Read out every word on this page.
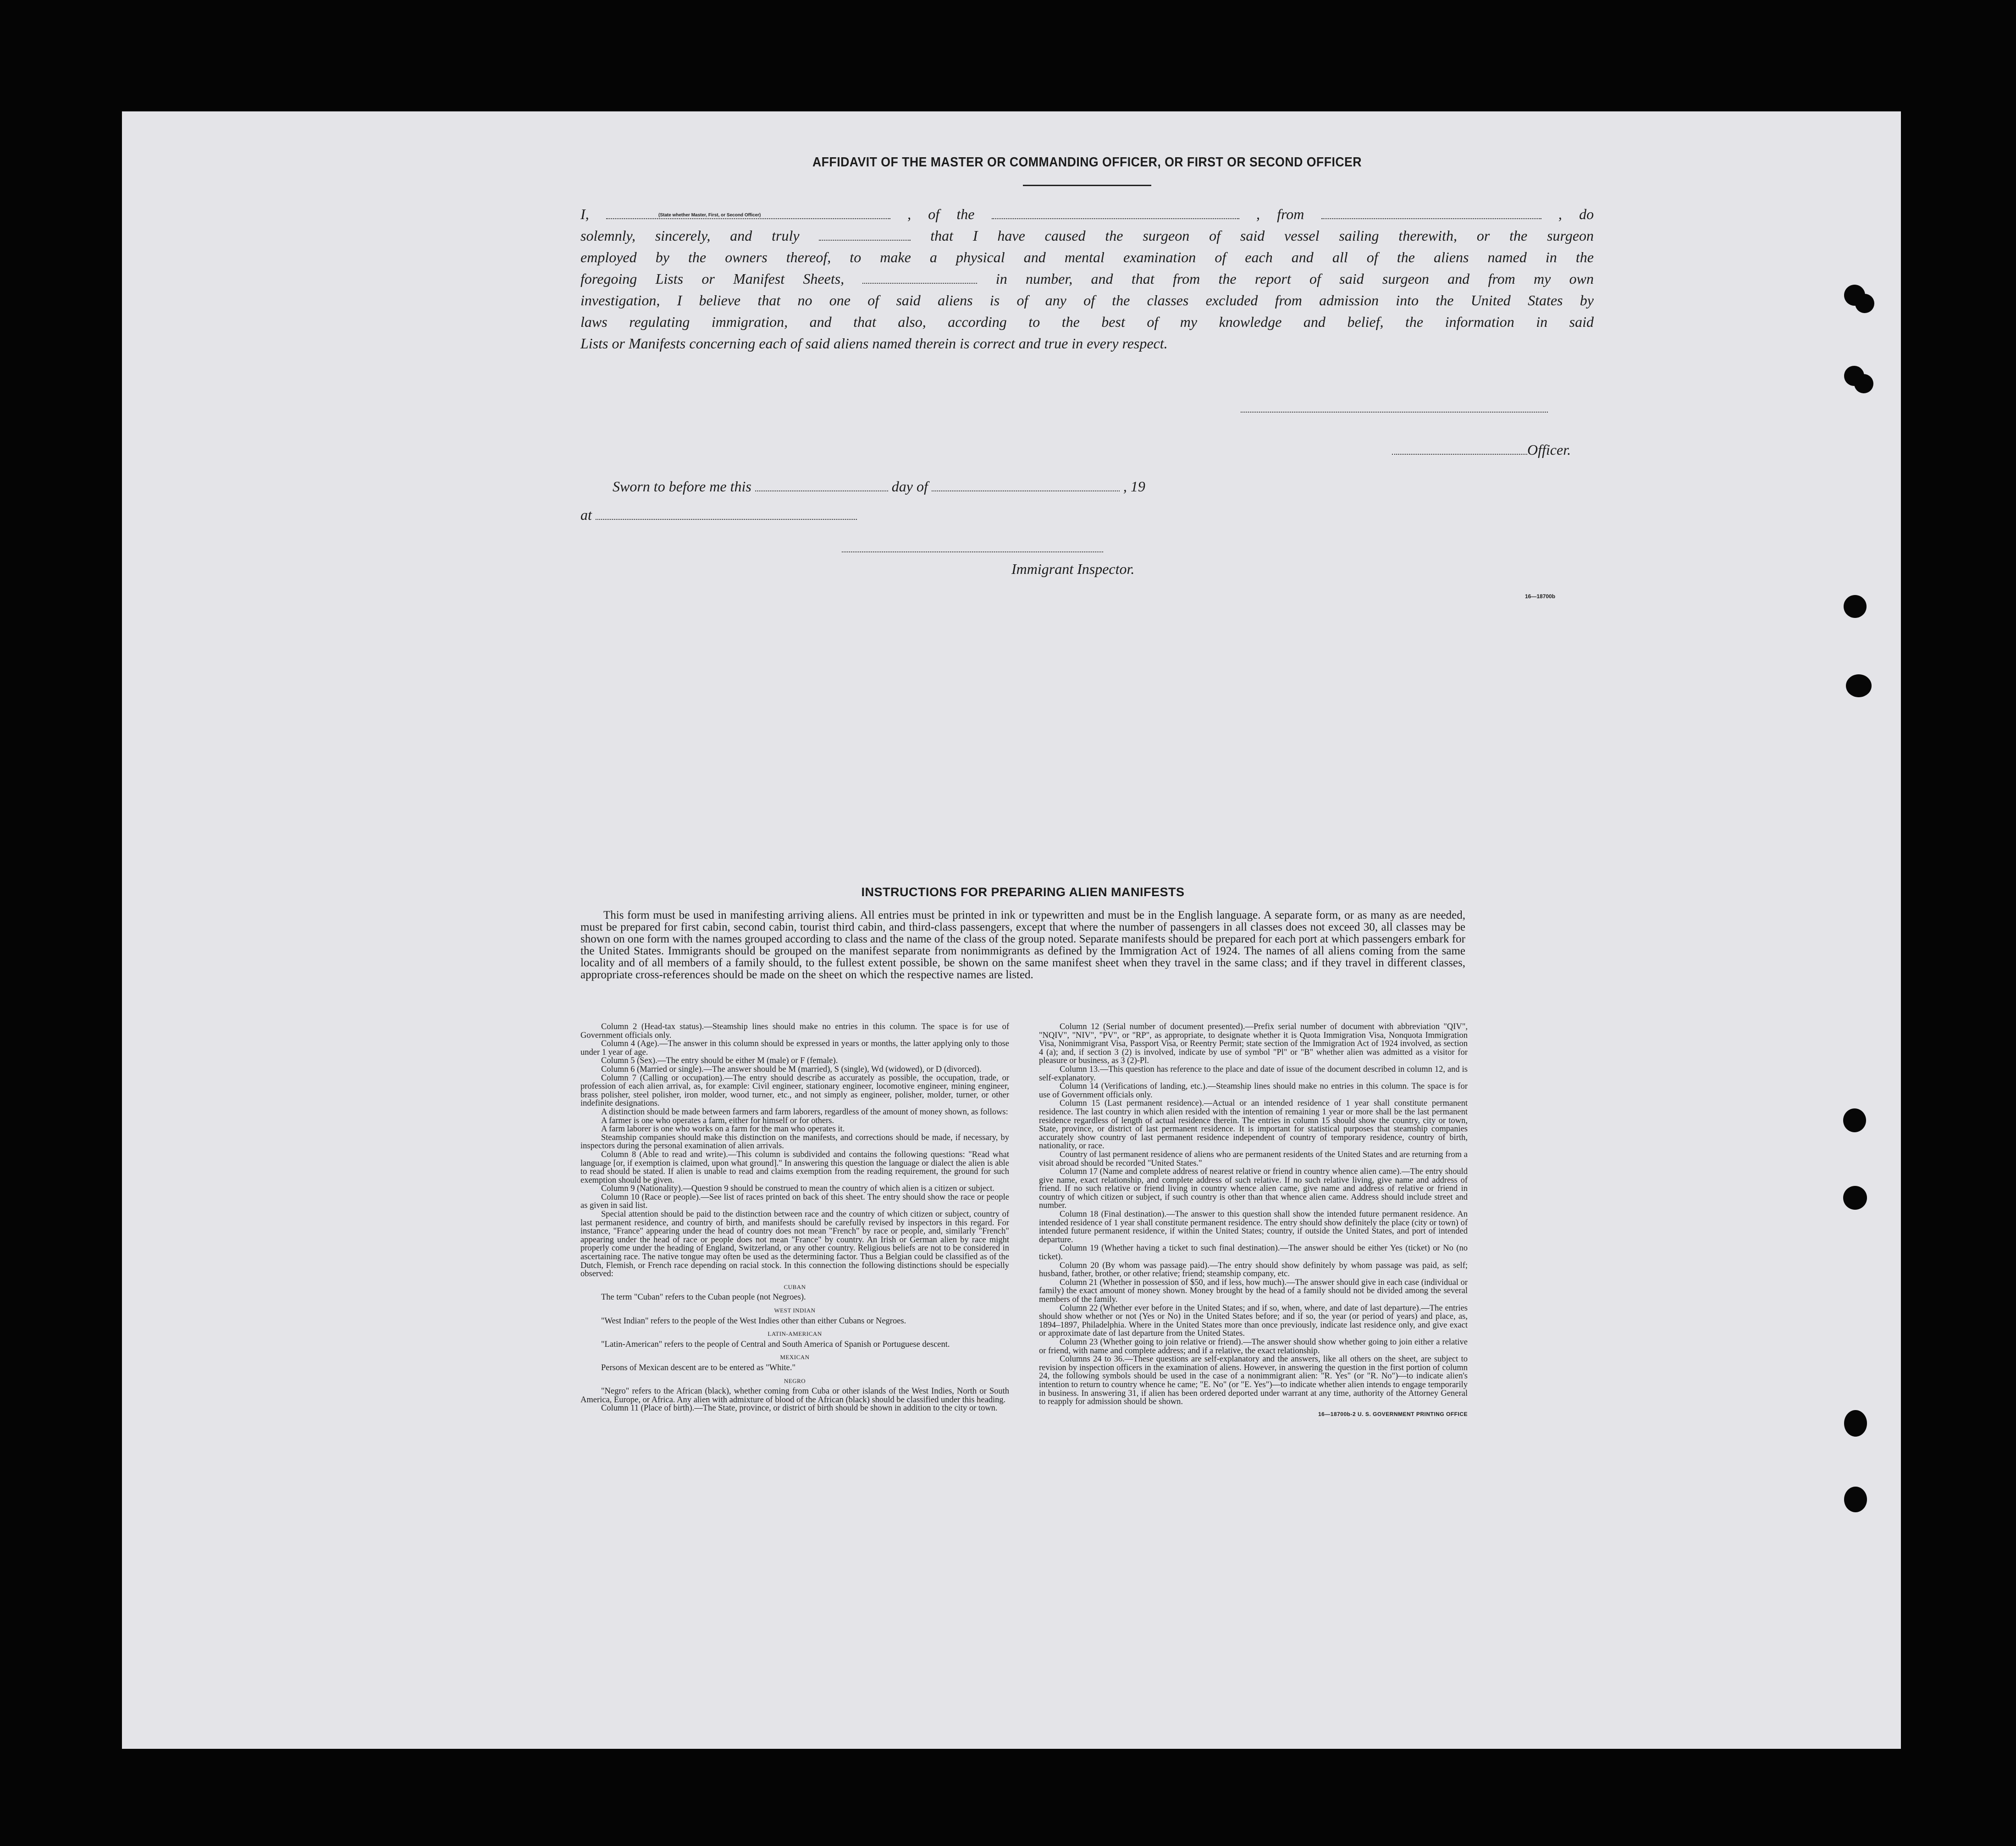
AFFIDAVIT OF THE MASTER OR COMMANDING OFFICER, OR FIRST OR SECOND OFFICER
I,	, of the	, from	, do
(State whether Master, First, or Second Officer)
solemnly, sincerely, and truly	that I have caused the surgeon of said vessel sailing therewith, or the surgeon
employed by the owners thereof, to make a physical and mental examination of each and all of the aliens named in the
foregoing Lists or Manifest Sheets,	in number, and that from the report of said surgeon and from my own
investigation, I believe that no one of said aliens is of any of the classes excluded from admission into the United States by
laws regulating immigration, and that also, according to the best of my knowledge and belief, the information in said
Lists or Manifests concerning each of said aliens named therein is correct and true in every respect.
Officer.
Sworn to before me this	day of	, 19
at
Immigrant Inspector.
16—18700b
INSTRUCTIONS FOR PREPARING ALIEN MANIFESTS

This form must be used in manifesting arriving aliens. All entries must be printed in ink or typewritten and must be in the English language. A separate form, or as many as are needed, must be prepared for first cabin, second cabin, tourist third cabin, and third-class passengers, except that where the number of passengers in all classes does not exceed 30, all classes may be shown on one form with the names grouped according to class and the name of the class of the group noted. Separate manifests should be prepared for each port at which passengers embark for the United States. Immigrants should be grouped on the manifest separate from nonimmigrants as defined by the Immigration Act of 1924. The names of all aliens coming from the same locality and of all members of a family should, to the fullest extent possible, be shown on the same manifest sheet when they travel in the same class; and if they travel in different classes, appropriate cross-references should be made on the sheet on which the respective names are listed.

Column 2 (Head-tax status).—Steamship lines should make no entries in this column. The space is for use of Government officials only.

Column 4 (Age).—The answer in this column should be expressed in years or months, the latter applying only to those under 1 year of age.

Column 5 (Sex).—The entry should be either M (male) or F (female).

Column 6 (Married or single).—The answer should be M (married), S (single), Wd (widowed), or D (divorced).

Column 7 (Calling or occupation).—The entry should describe as accurately as possible, the occupation, trade, or profession of each alien arrival, as, for example: Civil engineer, stationary engineer, locomotive engineer, mining engineer, brass polisher, steel polisher, iron molder, wood turner, etc., and not simply as engineer, polisher, molder, turner, or other indefinite designations.

A distinction should be made between farmers and farm laborers, regardless of the amount of money shown, as follows:

A farmer is one who operates a farm, either for himself or for others.

A farm laborer is one who works on a farm for the man who operates it.

Steamship companies should make this distinction on the manifests, and corrections should be made, if necessary, by inspectors during the personal examination of alien arrivals.

Column 8 (Able to read and write).—This column is subdivided and contains the following questions: "Read what language [or, if exemption is claimed, upon what ground]." In answering this question the language or dialect the alien is able to read should be stated. If alien is unable to read and claims exemption from the reading requirement, the ground for such exemption should be given.

Column 9 (Nationality).—Question 9 should be construed to mean the country of which alien is a citizen or subject.

Column 10 (Race or people).—See list of races printed on back of this sheet. The entry should show the race or people as given in said list.

Special attention should be paid to the distinction between race and the country of which citizen or subject, country of last permanent residence, and country of birth, and manifests should be carefully revised by inspectors in this regard. For instance, "France" appearing under the head of country does not mean "French" by race or people, and, similarly "French" appearing under the head of race or people does not mean "France" by country. An Irish or German alien by race might properly come under the heading of England, Switzerland, or any other country. Religious beliefs are not to be considered in ascertaining race. The native tongue may often be used as the determining factor. Thus a Belgian could be classified as of the Dutch, Flemish, or French race depending on racial stock. In this connection the following distinctions should be especially observed:

CUBAN

The term "Cuban" refers to the Cuban people (not Negroes).

WEST INDIAN

"West Indian" refers to the people of the West Indies other than either Cubans or Negroes.

LATIN-AMERICAN

"Latin-American" refers to the people of Central and South America of Spanish or Portuguese descent.

MEXICAN

Persons of Mexican descent are to be entered as "White."

NEGRO

"Negro" refers to the African (black), whether coming from Cuba or other islands of the West Indies, North or South America, Europe, or Africa. Any alien with admixture of blood of the African (black) should be classified under this heading.

Column 11 (Place of birth).—The State, province, or district of birth should be shown in addition to the city or town.

Column 12 (Serial number of document presented).—Prefix serial number of document with abbreviation "QIV", "NQIV", "NIV", "PV", or "RP", as appropriate, to designate whether it is Quota Immigration Visa, Nonquota Immigration Visa, Nonimmigrant Visa, Passport Visa, or Reentry Permit; state section of the Immigration Act of 1924 involved, as section 4 (a); and, if section 3 (2) is involved, indicate by use of symbol "Pl" or "B" whether alien was admitted as a visitor for pleasure or business, as 3 (2)-Pl.

Column 13.—This question has reference to the place and date of issue of the document described in column 12, and is self-explanatory.

Column 14 (Verifications of landing, etc.).—Steamship lines should make no entries in this column. The space is for use of Government officials only.

Column 15 (Last permanent residence).—Actual or an intended residence of 1 year shall constitute permanent residence. The last country in which alien resided with the intention of remaining 1 year or more shall be the last permanent residence regardless of length of actual residence therein. The entries in column 15 should show the country, city or town, State, province, or district of last permanent residence. It is important for statistical purposes that steamship companies accurately show country of last permanent residence independent of country of temporary residence, country of birth, nationality, or race.

Country of last permanent residence of aliens who are permanent residents of the United States and are returning from a visit abroad should be recorded "United States."

Column 17 (Name and complete address of nearest relative or friend in country whence alien came).—The entry should give name, exact relationship, and complete address of such relative. If no such relative living, give name and address of friend. If no such relative or friend living in country whence alien came, give name and address of relative or friend in country of which citizen or subject, if such country is other than that whence alien came. Address should include street and number.

Column 18 (Final destination).—The answer to this question shall show the intended future permanent residence. An intended residence of 1 year shall constitute permanent residence. The entry should show definitely the place (city or town) of intended future permanent residence, if within the United States; country, if outside the United States, and port of intended departure.

Column 19 (Whether having a ticket to such final destination).—The answer should be either Yes (ticket) or No (no ticket).

Column 20 (By whom was passage paid).—The entry should show definitely by whom passage was paid, as self; husband, father, brother, or other relative; friend; steamship company, etc.

Column 21 (Whether in possession of $50, and if less, how much).—The answer should give in each case (individual or family) the exact amount of money shown. Money brought by the head of a family should not be divided among the several members of the family.

Column 22 (Whether ever before in the United States; and if so, when, where, and date of last departure).—The entries should show whether or not (Yes or No) in the United States before; and if so, the year (or period of years) and place, as, 1894–1897, Philadelphia. Where in the United States more than once previously, indicate last residence only, and give exact or approximate date of last departure from the United States.

Column 23 (Whether going to join relative or friend).—The answer should show whether going to join either a relative or friend, with name and complete address; and if a relative, the exact relationship.

Columns 24 to 36.—These questions are self-explanatory and the answers, like all others on the sheet, are subject to revision by inspection officers in the examination of aliens. However, in answering the question in the first portion of column 24, the following symbols should be used in the case of a nonimmigrant alien: "R. Yes" (or "R. No")—to indicate alien's intention to return to country whence he came; "E. No" (or "E. Yes")—to indicate whether alien intends to engage temporarily in business. In answering 31, if alien has been ordered deported under warrant at any time, authority of the Attorney General to reapply for admission should be shown.

16—18700b-2 U. S. GOVERNMENT PRINTING OFFICE
